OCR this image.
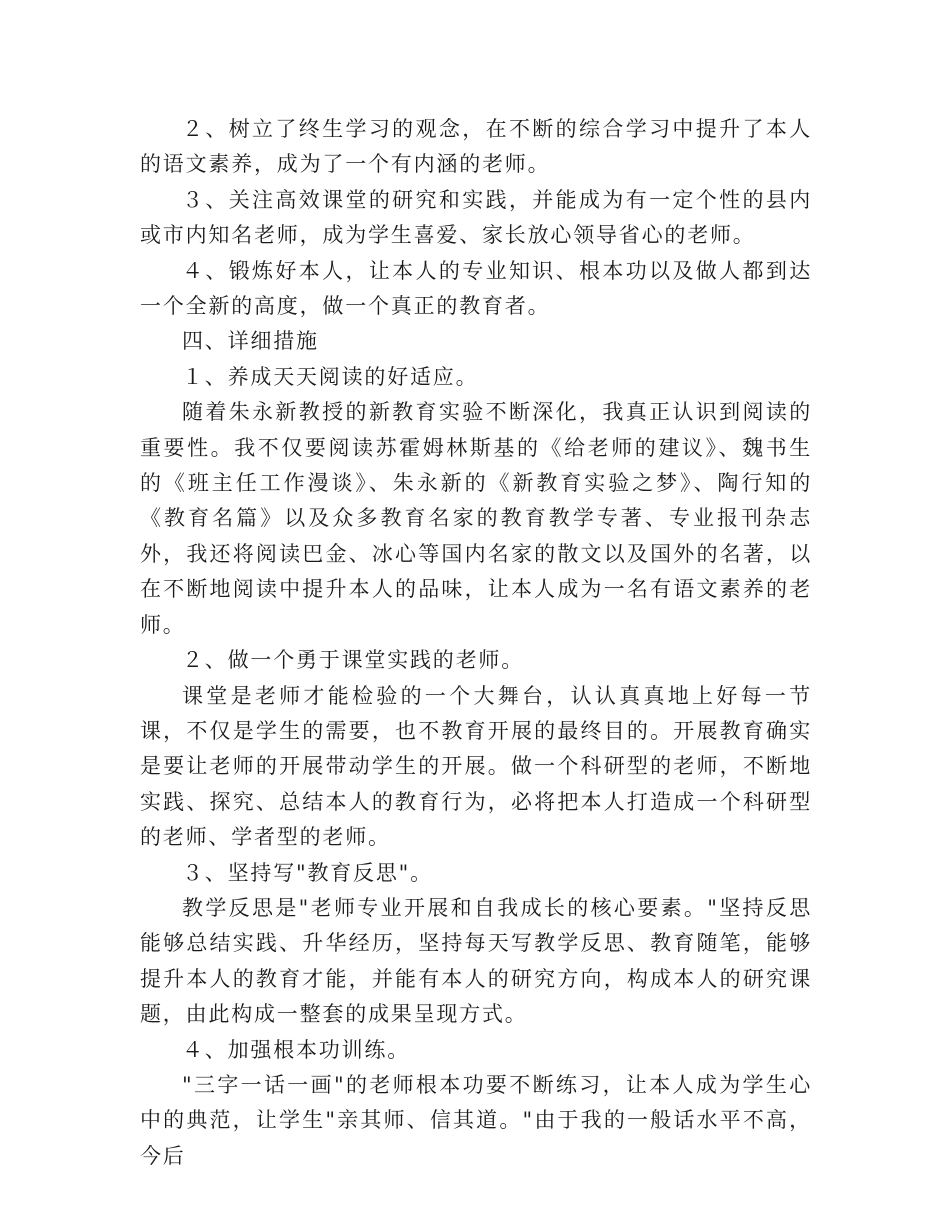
２、树立了终生学习的观念，在不断的综合学习中提升了本人的语文素养，成为了一个有内涵的老师。

３、关注高效课堂的研究和实践，并能成为有一定个性的县内或市内知名老师，成为学生喜爱、家长放心领导省心的老师。

４、锻炼好本人，让本人的专业知识、根本功以及做人都到达一个全新的高度，做一个真正的教育者。

四、详细措施

１、养成天天阅读的好适应。

随着朱永新教授的新教育实验不断深化，我真正认识到阅读的重要性。我不仅要阅读苏霍姆林斯基的《给老师的建议》、魏书生的《班主任工作漫谈》、朱永新的《新教育实验之梦》、陶行知的《教育名篇》以及众多教育名家的教育教学专著、专业报刊杂志外，我还将阅读巴金、冰心等国内名家的散文以及国外的名著，以在不断地阅读中提升本人的品味，让本人成为一名有语文素养的老师。

２、做一个勇于课堂实践的老师。

课堂是老师才能检验的一个大舞台，认认真真地上好每一节课，不仅是学生的需要，也不教育开展的最终目的。开展教育确实是要让老师的开展带动学生的开展。做一个科研型的老师，不断地实践、探究、总结本人的教育行为，必将把本人打造成一个科研型的老师、学者型的老师。

３、坚持写"教育反思"。

教学反思是"老师专业开展和自我成长的核心要素。"坚持反思能够总结实践、升华经历，坚持每天写教学反思、教育随笔，能够提升本人的教育才能，并能有本人的研究方向，构成本人的研究课题，由此构成一整套的成果呈现方式。

４、加强根本功训练。

"三字一话一画"的老师根本功要不断练习，让本人成为学生心中的典范，让学生"亲其师、信其道。"由于我的一般话水平不高，今后
